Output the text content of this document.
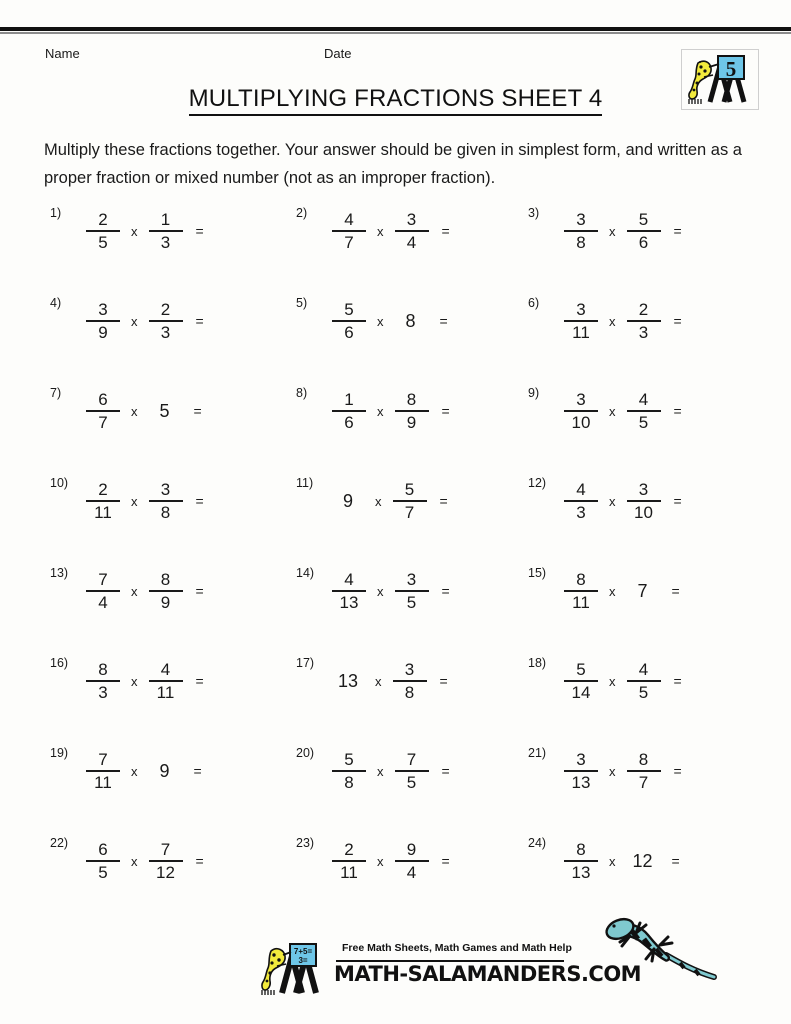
Name	Date
5
MULTIPLYING FRACTIONS SHEET 4
Multiply these fractions together. Your answer should be given in simplest form, and written as a proper fraction or mixed number (not as an improper fraction).
1)	$\frac{2}{5}$ x $\frac{1}{3}$ =
2)	$\frac{4}{7}$ x $\frac{3}{4}$ =
3)	$\frac{3}{8}$ x $\frac{5}{6}$ =
4)	$\frac{3}{9}$ x $\frac{2}{3}$ =
5)	$\frac{5}{6}$ x 8	=
6)	$\frac{3}{11}$ x $\frac{2}{3}$ =
7)	$\frac{6}{7}$ x 5	=
8)	$\frac{1}{6}$ x $\frac{8}{9}$ =
9)	$\frac{3}{10}$ x $\frac{4}{5}$ =
10)	$\frac{2}{11}$ x $\frac{3}{8}$ =
11)
9	x $\frac{5}{7}$ =
12)	$\frac{4}{3}$ x $\frac{3}{10}$ =
13)	$\frac{7}{4}$ x $\frac{8}{9}$ =
14)	$\frac{4}{13}$ x $\frac{3}{5}$ =
15)	$\frac{8}{11}$ x 7	=
16)	$\frac{8}{3}$ x $\frac{4}{11}$ =
17)
13 x $\frac{3}{8}$ =
18)	$\frac{5}{14}$ x $\frac{4}{5}$ =
19)	$\frac{7}{11}$ x 9	=
20)	$\frac{5}{8}$ x $\frac{7}{5}$ =
21)	$\frac{3}{13}$ x $\frac{8}{7}$ =
22)	$\frac{6}{5}$ x $\frac{7}{12}$ =
23)	$\frac{2}{11}$ x $\frac{9}{4}$ =
24)	$\frac{8}{13}$ x 12 =
7+5=
3=
Free Math Sheets, Math Games and Math Help
MATH-SALAMANDERS.COM
